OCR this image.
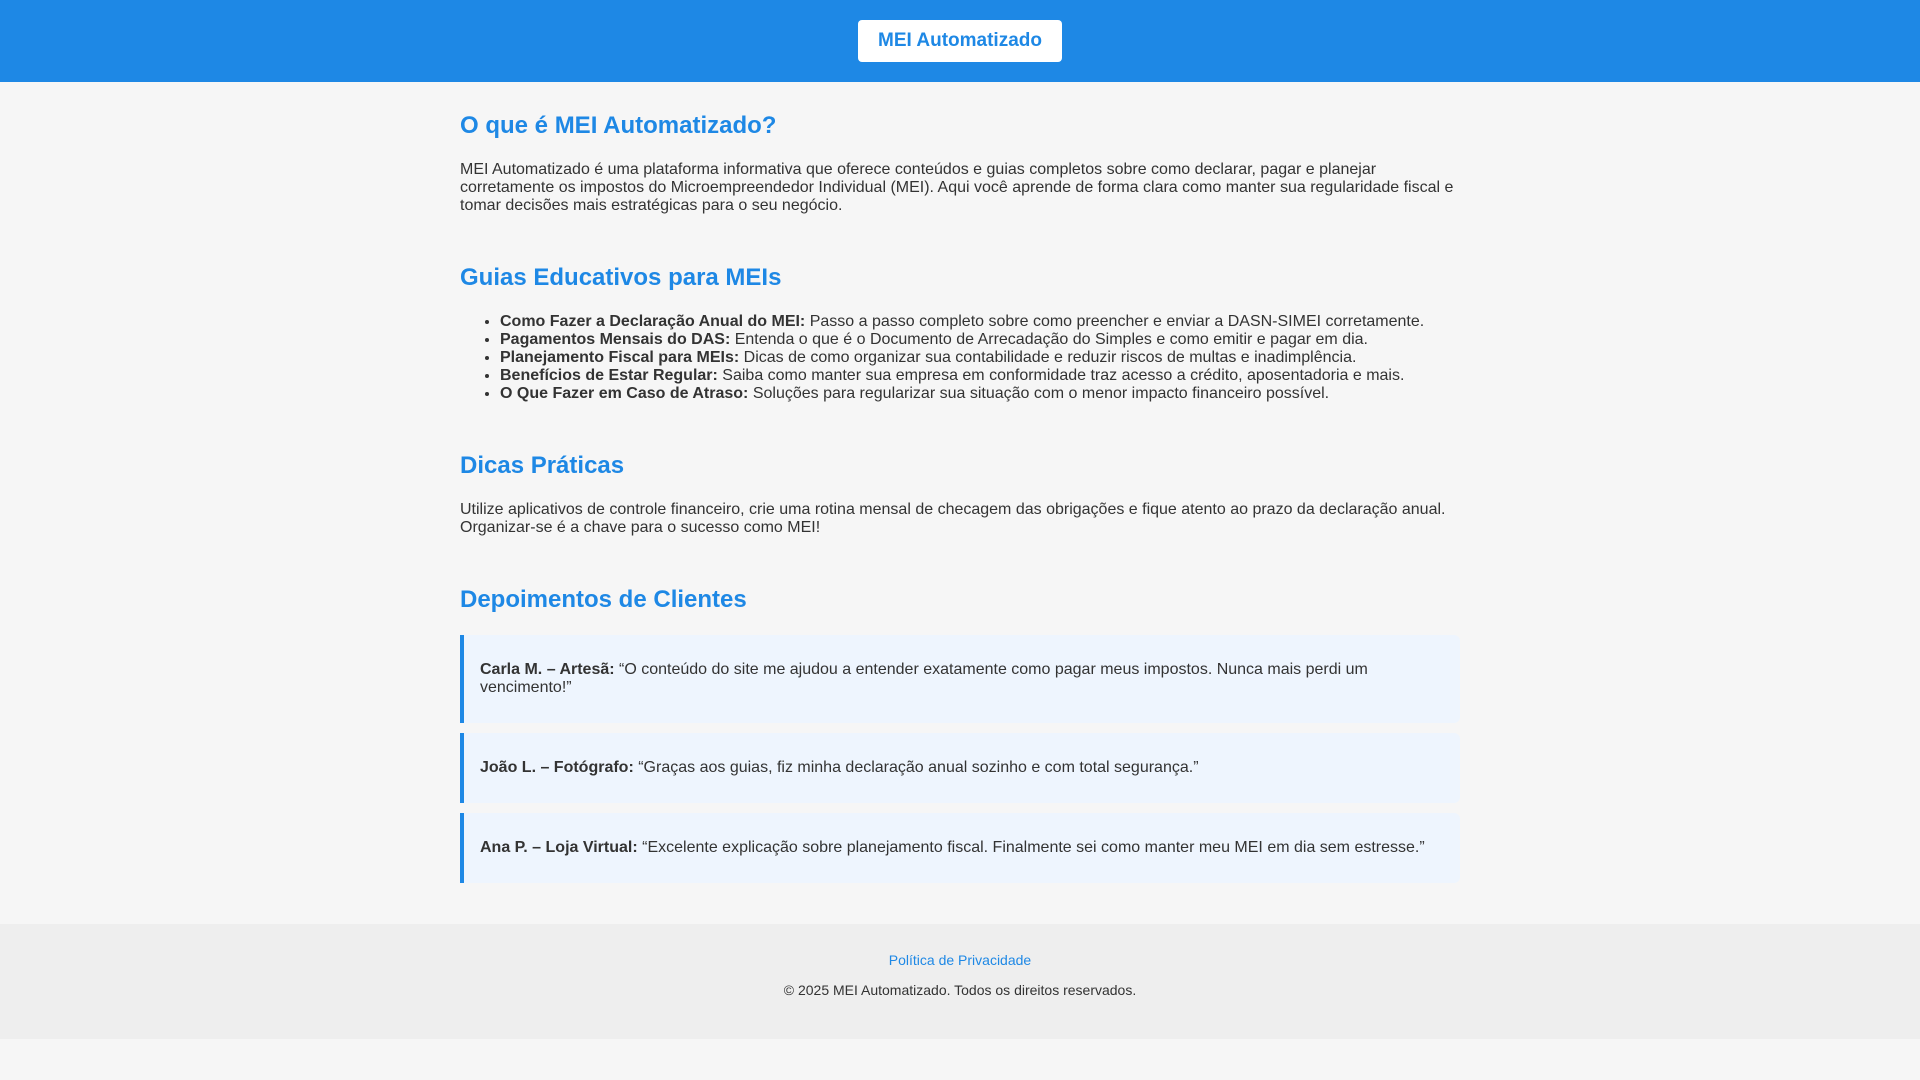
MEI Automatizado
O que é MEI Automatizado?

MEI Automatizado é uma plataforma informativa que oferece conteúdos e guias completos sobre como declarar, pagar e planejar corretamente os impostos do Microempreendedor Individual (MEI). Aqui você aprende de forma clara como manter sua regularidade fiscal e tomar decisões mais estratégicas para o seu negócio.

Guias Educativos para MEIs
• Como Fazer a Declaração Anual do MEI: Passo a passo completo sobre como preencher e enviar a DASN-SIMEI corretamente.
• Pagamentos Mensais do DAS: Entenda o que é o Documento de Arrecadação do Simples e como emitir e pagar em dia.
• Planejamento Fiscal para MEIs: Dicas de como organizar sua contabilidade e reduzir riscos de multas e inadimplência.
• Benefícios de Estar Regular: Saiba como manter sua empresa em conformidade traz acesso a crédito, aposentadoria e mais.
• O Que Fazer em Caso de Atraso: Soluções para regularizar sua situação com o menor impacto financeiro possível.
Dicas Práticas

Utilize aplicativos de controle financeiro, crie uma rotina mensal de checagem das obrigações e fique atento ao prazo da declaração anual. Organizar-se é a chave para o sucesso como MEI!

Depoimentos de Clientes
Carla M. – Artesã: “O conteúdo do site me ajudou a entender exatamente como pagar meus impostos. Nunca mais perdi um vencimento!”
João L. – Fotógrafo: “Graças aos guias, fiz minha declaração anual sozinho e com total segurança.”
Ana P. – Loja Virtual: “Excelente explicação sobre planejamento fiscal. Finalmente sei como manter meu MEI em dia sem estresse.”
Política de Privacidade
© 2025 MEI Automatizado. Todos os direitos reservados.
